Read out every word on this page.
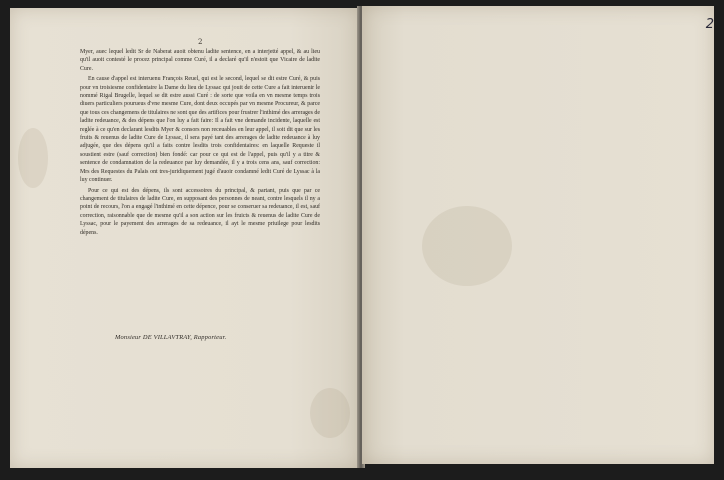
2
2

Myer, auec lequel ledit Sr de Naberat auoit obtenu ladite sentence, en a interjetté appel, & au lieu qu'il auoit contesté le procez principal comme Curé, il a declaré qu'il n'estoit que Vicaire de ladite Cure.

En cause d'appel est interuenu François Reuel, qui est le second, lequel se dit estre Curé, & puis pour vn troisiesme confidentaire la Dame du lieu de Lyssac qui jouit de cette Cure a fait interuenir le nommé Rigal Brugelle, lequel se dit estre aussi Curé : de sorte que voila en vn mesme temps trois diuers particuliers pourueus d'vne mesme Cure, dont deux occupés par vn mesme Procureur, & parce que tous ces changemens de titulaires ne sont que des artifices pour frustrer l'inthimé des arrerages de ladite redeuance, & des dépens que l'on luy a fait faire: Il a fait vne demande incidente, laquelle est reglée à ce qu'en declarant lesdits Myer & consors non receuables en leur appel, il soit dit que sur les fruits & reuenus de ladite Cure de Lyssac, il sera payé tant des arrerages de ladite redeuance à luy adjugée, que des dépens qu'il a faits contre lesdits trois confidentaires: en laquelle Requeste il soustient estre (sauf correction) bien fondé: car pour ce qui est de l'appel, puis qu'il y a titre & sentence de condamnation de la redeuance par luy demandée, il y a trois cens ans, sauf correction: Mrs des Requestes du Palais ont tres-juridiquement jugé d'auoir condamné ledit Curé de Lyssac à la luy continuer.

Pour ce qui est des dépens, ils sont accessoires du principal, & partant, puis que par ce changement de titulaires de ladite Cure, en supposant des personnes de neant, contre lesquels il ny a point de recours, l'on a engagé l'inthimé en cette dépence, pour se conseruer sa redeuance, il est, sauf correction, raisonnable que de mesme qu'il a son action sur les fruicts & reuenus de ladite Cure de Lyssac, pour le payement des arrerages de sa redeuance, il ayt le mesme priuilege pour lesdits dépens.

Monsieur DE VILLAVTRAY, Rapporteur.
